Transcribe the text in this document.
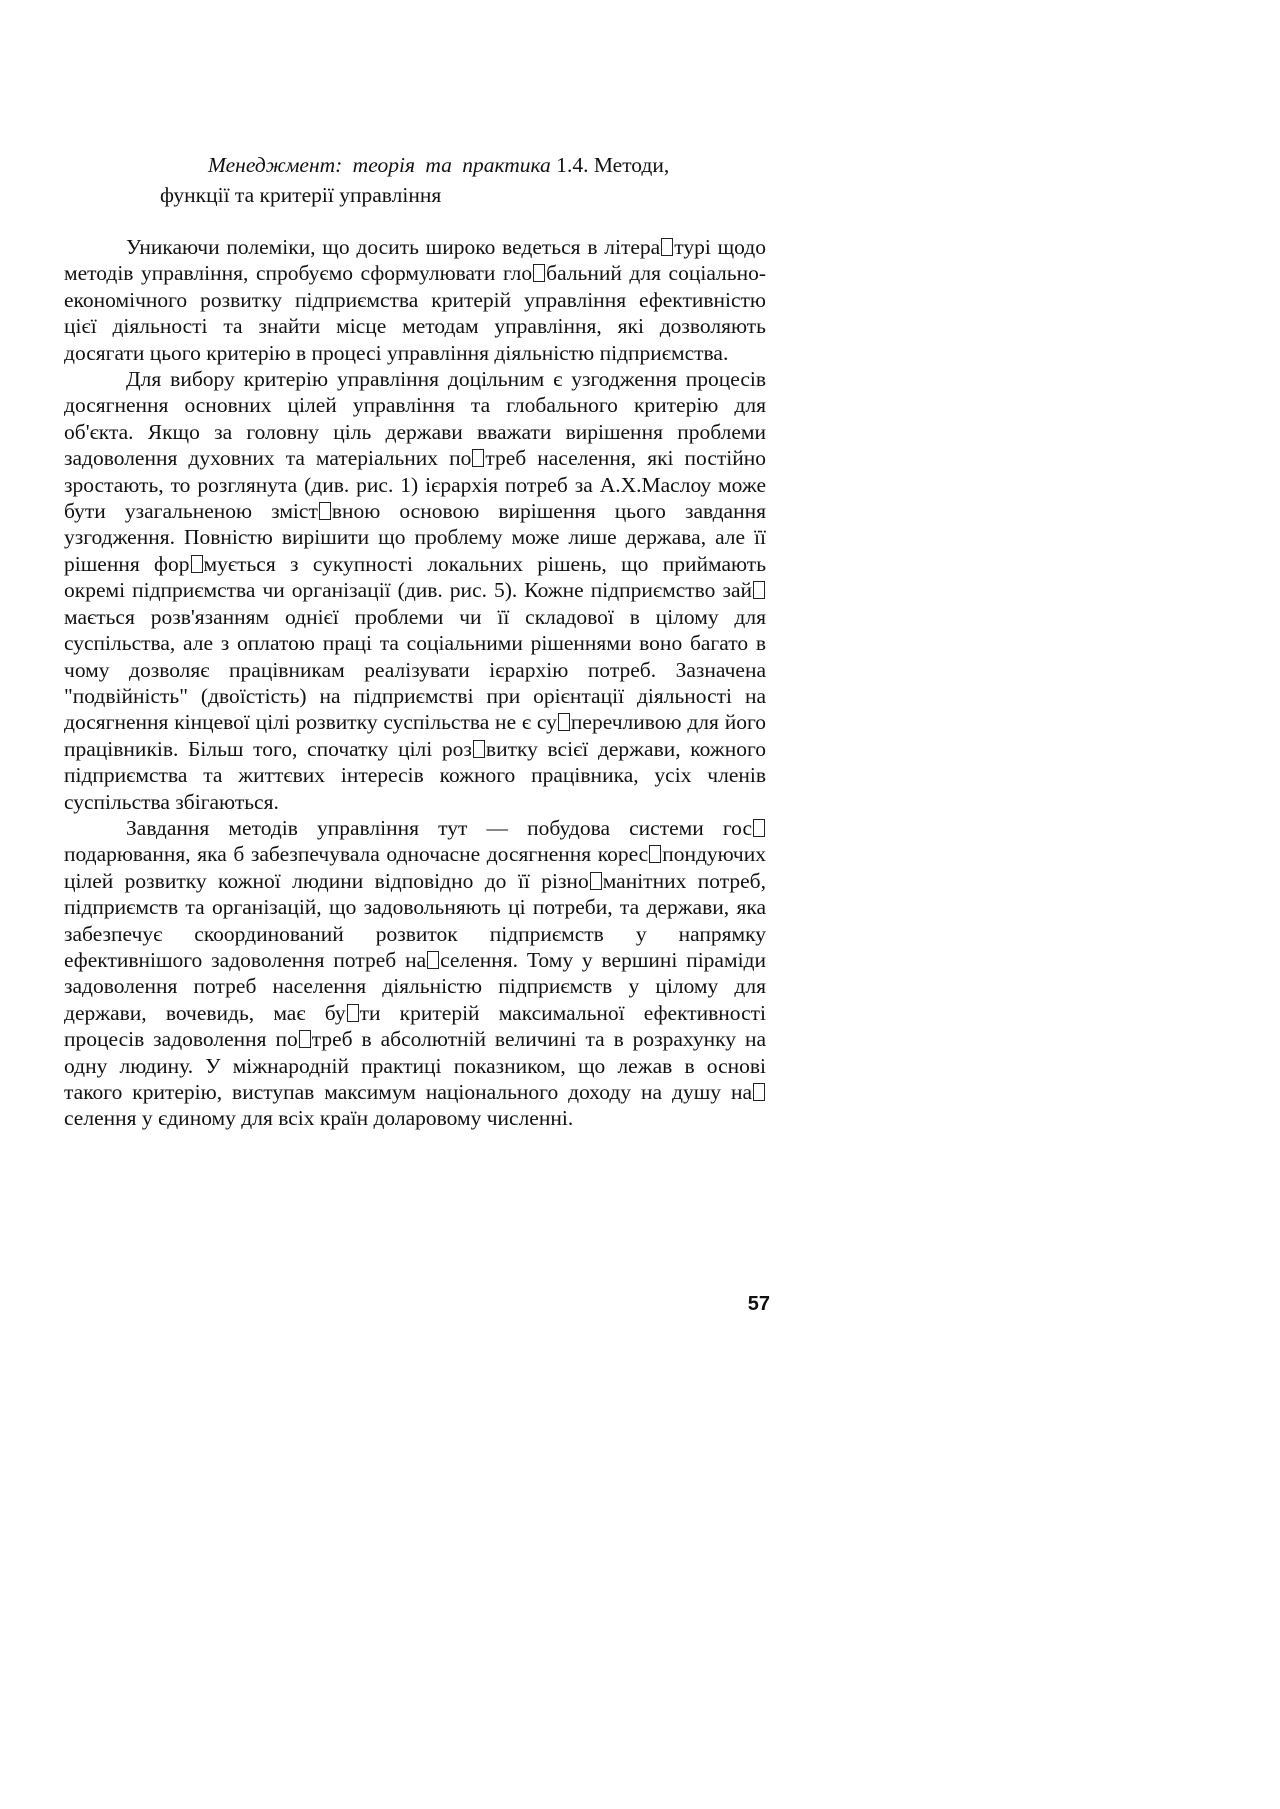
Менеджмент: теорія та практика 1.4. Методи,
функції та критерії управління

Уникаючи полеміки, що досить широко ведеться в літера турі щодо методів управління, спробуємо сформулювати гло бальний для соціально-економічного розвитку підприємства критерій управління ефективністю цієї діяльності та знайти місце методам управління, які дозволяють досягати цього критерію в процесі управління діяльністю підприємства.

Для вибору критерію управління доцільним є узгодження процесів досягнення основних цілей управління та глобального критерію для об'єкта. Якщо за головну ціль держави вважати вирішення проблеми задоволення духовних та матеріальних по треб населення, які постійно зростають, то розглянута (див. рис. 1) ієрархія потреб за А.Х.Маслоу може бути узагальненою зміст вною основою вирішення цього завдання узгодження. Повністю вирішити що проблему може лише держава, але її рішення фор мується з сукупності локальних рішень, що приймають окремі підприємства чи організації (див. рис. 5). Кожне підприємство займається розв'язанням однієї проблеми чи її складової в цілому для суспільства, але з оплатою праці та соціальними рішеннями воно багато в чому дозволяє працівникам реалізувати ієрархію потреб. Зазначена "подвійність" (двоїстість) на підприємстві при орієнтації діяльності на досягнення кінцевої цілі розвитку суспільства не є су перечливою для його працівників. Більш того, спочатку цілі роз витку всієї держави, кожного підприємства та життєвих інтересів кожного працівника, усіх членів суспільства збігаються.

Завдання методів управління тут — побудова системи господарювання, яка б забезпечувала одночасне досягнення корес пондуючих цілей розвитку кожної людини відповідно до її різно манітних потреб, підприємств та організацій, що задовольняють ці потреби, та держави, яка забезпечує скоординований розвиток підприємств у напрямку ефективнішого задоволення потреб на селення. Тому у вершині піраміди задоволення потреб населення діяльністю підприємств у цілому для держави, вочевидь, має бу ти критерій максимальної ефективності процесів задоволення по треб в абсолютній величині та в розрахунку на одну людину. У міжнародній практиці показником, що лежав в основі такого критерію, виступав максимум національного доходу на душу населення у єдиному для всіх країн доларовому численні.

57
